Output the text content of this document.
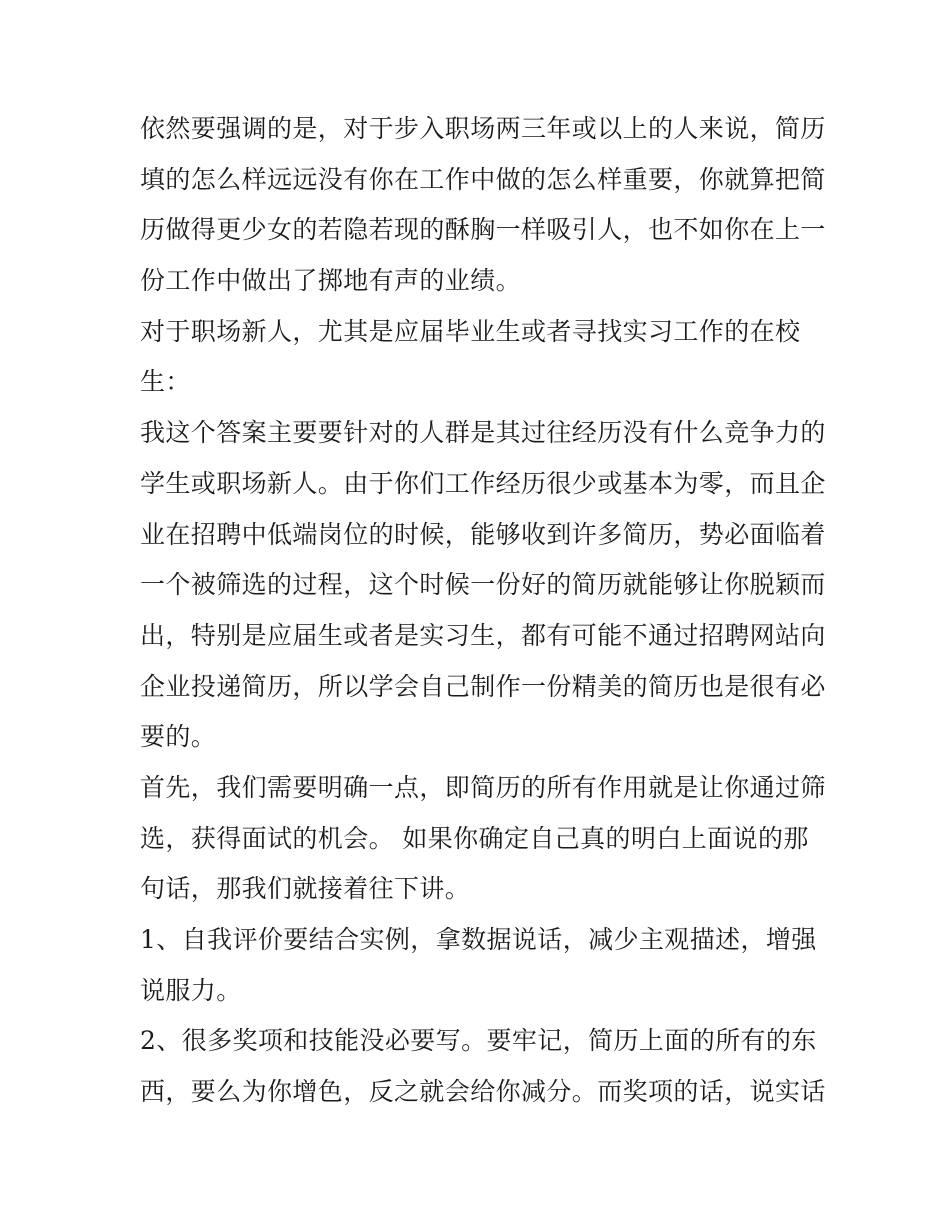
依然要强调的是，对于步入职场两三年或以上的人来说，简历
填的怎么样远远没有你在工作中做的怎么样重要，你就算把简
历做得更少女的若隐若现的酥胸一样吸引人，也不如你在上一
份工作中做出了掷地有声的业绩。

对于职场新人，尤其是应届毕业生或者寻找实习工作的在校
生：

我这个答案主要要针对的人群是其过往经历没有什么竞争力的
学生或职场新人。由于你们工作经历很少或基本为零，而且企
业在招聘中低端岗位的时候，能够收到许多简历，势必面临着
一个被筛选的过程，这个时候一份好的简历就能够让你脱颖而
出，特别是应届生或者是实习生，都有可能不通过招聘网站向
企业投递简历，所以学会自己制作一份精美的简历也是很有必
要的。

首先，我们需要明确一点，即简历的所有作用就是让你通过筛
选，获得面试的机会。 如果你确定自己真的明白上面说的那
句话，那我们就接着往下讲。

1、自我评价要结合实例，拿数据说话，减少主观描述，增强
说服力。

2、很多奖项和技能没必要写。要牢记，简历上面的所有的东
西，要么为你增色，反之就会给你减分。而奖项的话，说实话
